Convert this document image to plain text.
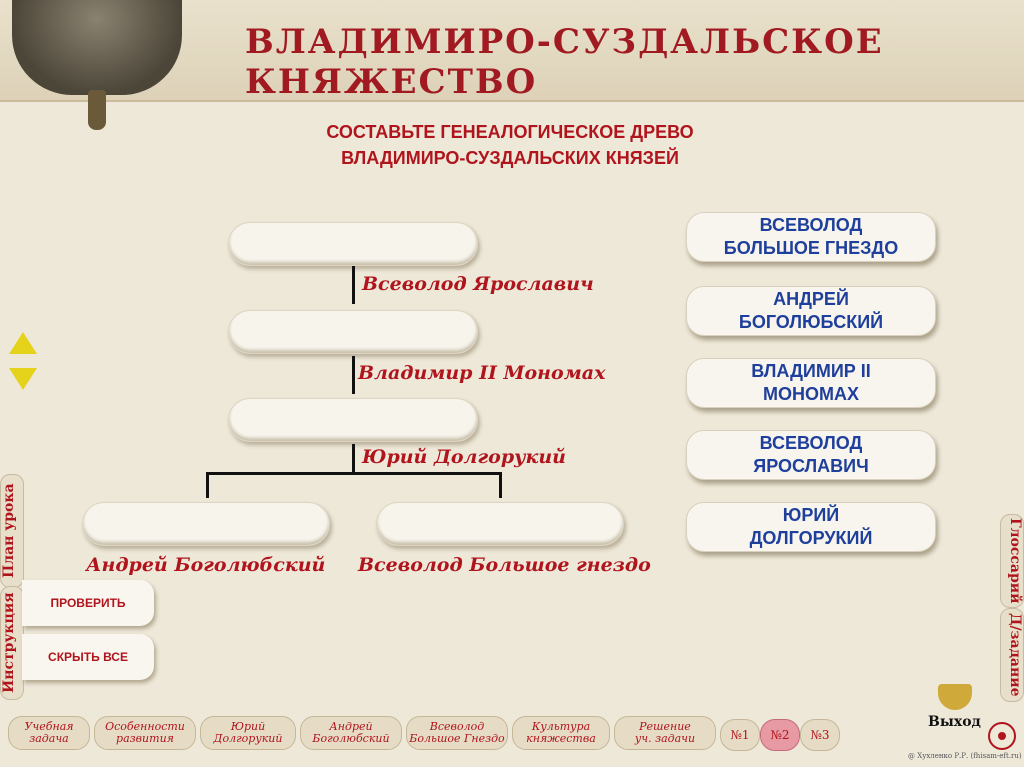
ВЛАДИМИРО-СУЗДАЛЬСКОЕ КНЯЖЕСТВО
СОСТАВЬТЕ ГЕНЕАЛОГИЧЕСКОЕ ДРЕВО
ВЛАДИМИРО-СУЗДАЛЬСКИХ КНЯЗЕЙ
Всеволод Ярославич
Владимир II Мономах
Юрий Долгорукий
Андрей Боголюбский Всеволод Большое гнездо
ВСЕВОЛОД
БОЛЬШОЕ ГНЕЗДО
АНДРЕЙ
БОГОЛЮБСКИЙ
ВЛАДИМИР II
МОНОМАХ
ВСЕВОЛОД
ЯРОСЛАВИЧ
ЮРИЙ
ДОЛГОРУКИЙ
План урока
Инструкция	ПРОВЕРИТЬ
СКРЫТЬ ВСЕ
Глоссарий
Д/задание
Учебная
задача
Особенности
развития
Юрий
Долгорукий
Андрей
Боголюбский
Всеволод
Большое Гнездо
Культура
княжества
Решение
уч. задачи	№1	№2	№3
Выход
@ Хухленко Р.Р. (fhisam-eft.ru)
